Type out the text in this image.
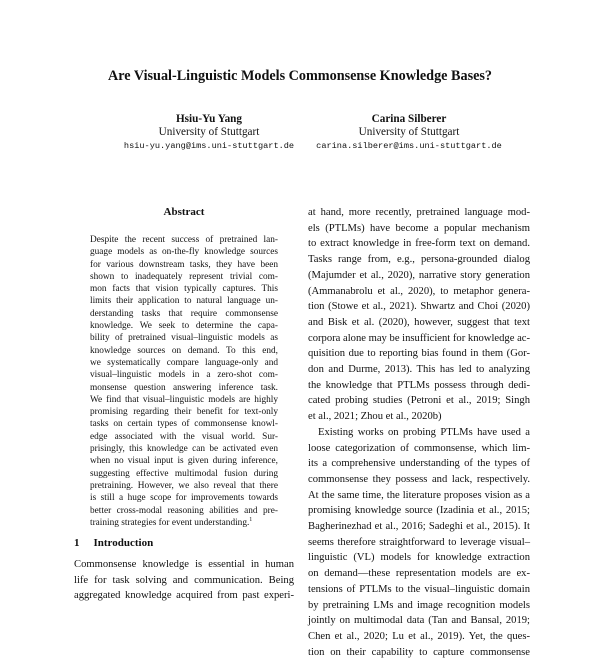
Are Visual-Linguistic Models Commonsense Knowledge Bases?
Hsiu-Yu Yang
University of Stuttgart
hsiu-yu.yang@ims.uni-stuttgart.de
Carina Silberer
University of Stuttgart
carina.silberer@ims.uni-stuttgart.de
Abstract
Despite the recent success of pretrained lan-
guage models as on-the-fly knowledge sources
for various downstream tasks, they have been
shown to inadequately represent trivial com-
mon facts that vision typically captures. This
limits their application to natural language un-
derstanding tasks that require commonsense
knowledge. We seek to determine the capa-
bility of pretrained visual–linguistic models as
knowledge sources on demand. To this end,
we systematically compare language-only and
visual–linguistic models in a zero-shot com-
monsense question answering inference task.
We find that visual–linguistic models are highly
promising regarding their benefit for text-only
tasks on certain types of commonsense knowl-
edge associated with the visual world. Sur-
prisingly, this knowledge can be activated even
when no visual input is given during inference,
suggesting effective multimodal fusion during
pretraining. However, we also reveal that there
is still a huge scope for improvements towards
better cross-modal reasoning abilities and pre-
training strategies for event understanding.$^1$
at hand, more recently, pretrained language mod-
els (PTLMs) have become a popular mechanism
to extract knowledge in free-form text on demand.
Tasks range from, e.g., persona-grounded dialog
(Majumder et al., 2020), narrative story generation
(Ammanabrolu et al., 2020), to metaphor genera-
tion (Stowe et al., 2021). Shwartz and Choi (2020)
and Bisk et al. (2020), however, suggest that text
corpora alone may be insufficient for knowledge ac-
quisition due to reporting bias found in them (Gor-
don and Durme, 2013). This has led to analyzing
the knowledge that PTLMs possess through dedi-
cated probing studies (Petroni et al., 2019; Singh
et al., 2021; Zhou et al., 2020b)
Existing works on probing PTLMs have used a
loose categorization of commonsense, which lim-
its a comprehensive understanding of the types of
commonsense they possess and lack, respectively.
At the same time, the literature proposes vision as a
promising knowledge source (Izadinia et al., 2015;
Bagherinezhad et al., 2016; Sadeghi et al., 2015). It
seems therefore straightforward to leverage visual–
linguistic (VL) models for knowledge extraction
on demand—these representation models are ex-
tensions of PTLMs to the visual–linguistic domain
by pretraining LMs and image recognition models
jointly on multimodal data (Tan and Bansal, 2019;
Chen et al., 2020; Lu et al., 2019). Yet, the ques-
tion on their capability to capture commonsense
1 Introduction
Commonsense knowledge is essential in human
life for task solving and communication. Being
aggregated knowledge acquired from past experi-
